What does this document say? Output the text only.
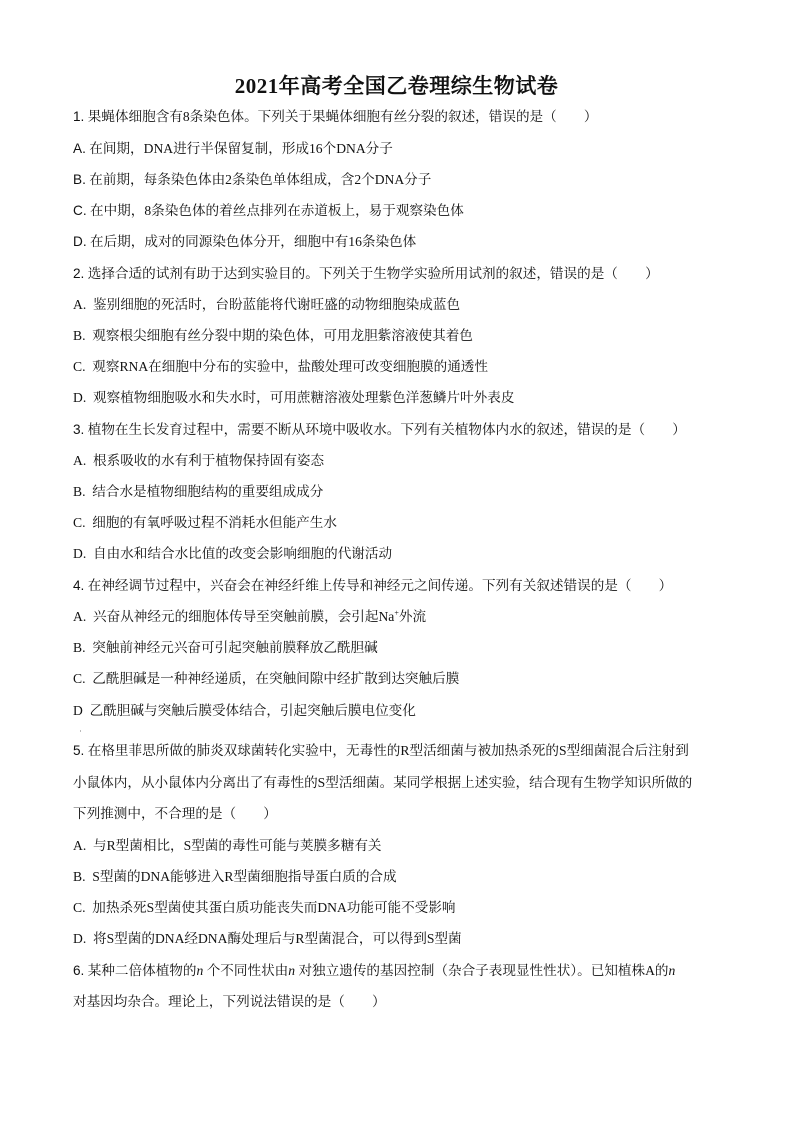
2021年高考全国乙卷理综生物试卷
1. 果蝇体细胞含有8条染色体。下列关于果蝇体细胞有丝分裂的叙述，错误的是（　　）
A. 在间期，DNA进行半保留复制，形成16个DNA分子
B. 在前期，每条染色体由2条染色单体组成，含2个DNA分子
C. 在中期，8条染色体的着丝点排列在赤道板上，易于观察染色体
D. 在后期，成对的同源染色体分开，细胞中有16条染色体
2. 选择合适的试剂有助于达到实验目的。下列关于生物学实验所用试剂的叙述，错误的是（　　）
A. 鉴别细胞的死活时，台盼蓝能将代谢旺盛的动物细胞染成蓝色
B. 观察根尖细胞有丝分裂中期的染色体，可用龙胆紫溶液使其着色
C. 观察RNA在细胞中分布的实验中，盐酸处理可改变细胞膜的通透性
D. 观察植物细胞吸水和失水时，可用蔗糖溶液处理紫色洋葱鳞片叶外表皮
3. 植物在生长发育过程中，需要不断从环境中吸收水。下列有关植物体内水的叙述，错误的是（　　）
A. 根系吸收的水有利于植物保持固有姿态
B. 结合水是植物细胞结构的重要组成成分
C. 细胞的有氧呼吸过程不消耗水但能产生水
D. 自由水和结合水比值的改变会影响细胞的代谢活动
4. 在神经调节过程中，兴奋会在神经纤维上传导和神经元之间传递。下列有关叙述错误的是（　　）
A. 兴奋从神经元的细胞体传导至突触前膜，会引起Na+外流
B. 突触前神经元兴奋可引起突触前膜释放乙酰胆碱
C. 乙酰胆碱是一种神经递质，在突触间隙中经扩散到达突触后膜
D 乙酰胆碱与突触后膜受体结合，引起突触后膜电位变化
5. 在格里菲思所做的肺炎双球菌转化实验中，无毒性的R型活细菌与被加热杀死的S型细菌混合后注射到
小鼠体内，从小鼠体内分离出了有毒性的S型活细菌。某同学根据上述实验，结合现有生物学知识所做的
下列推测中，不合理的是（　　）
A. 与R型菌相比，S型菌的毒性可能与荚膜多糖有关
B. S型菌的DNA能够进入R型菌细胞指导蛋白质的合成
C. 加热杀死S型菌使其蛋白质功能丧失而DNA功能可能不受影响
D. 将S型菌的DNA经DNA酶处理后与R型菌混合，可以得到S型菌
6. 某种二倍体植物的n 个不同性状由n 对独立遗传的基因控制（杂合子表现显性性状）。已知植株A的n
对基因均杂合。理论上，下列说法错误的是（　　）
